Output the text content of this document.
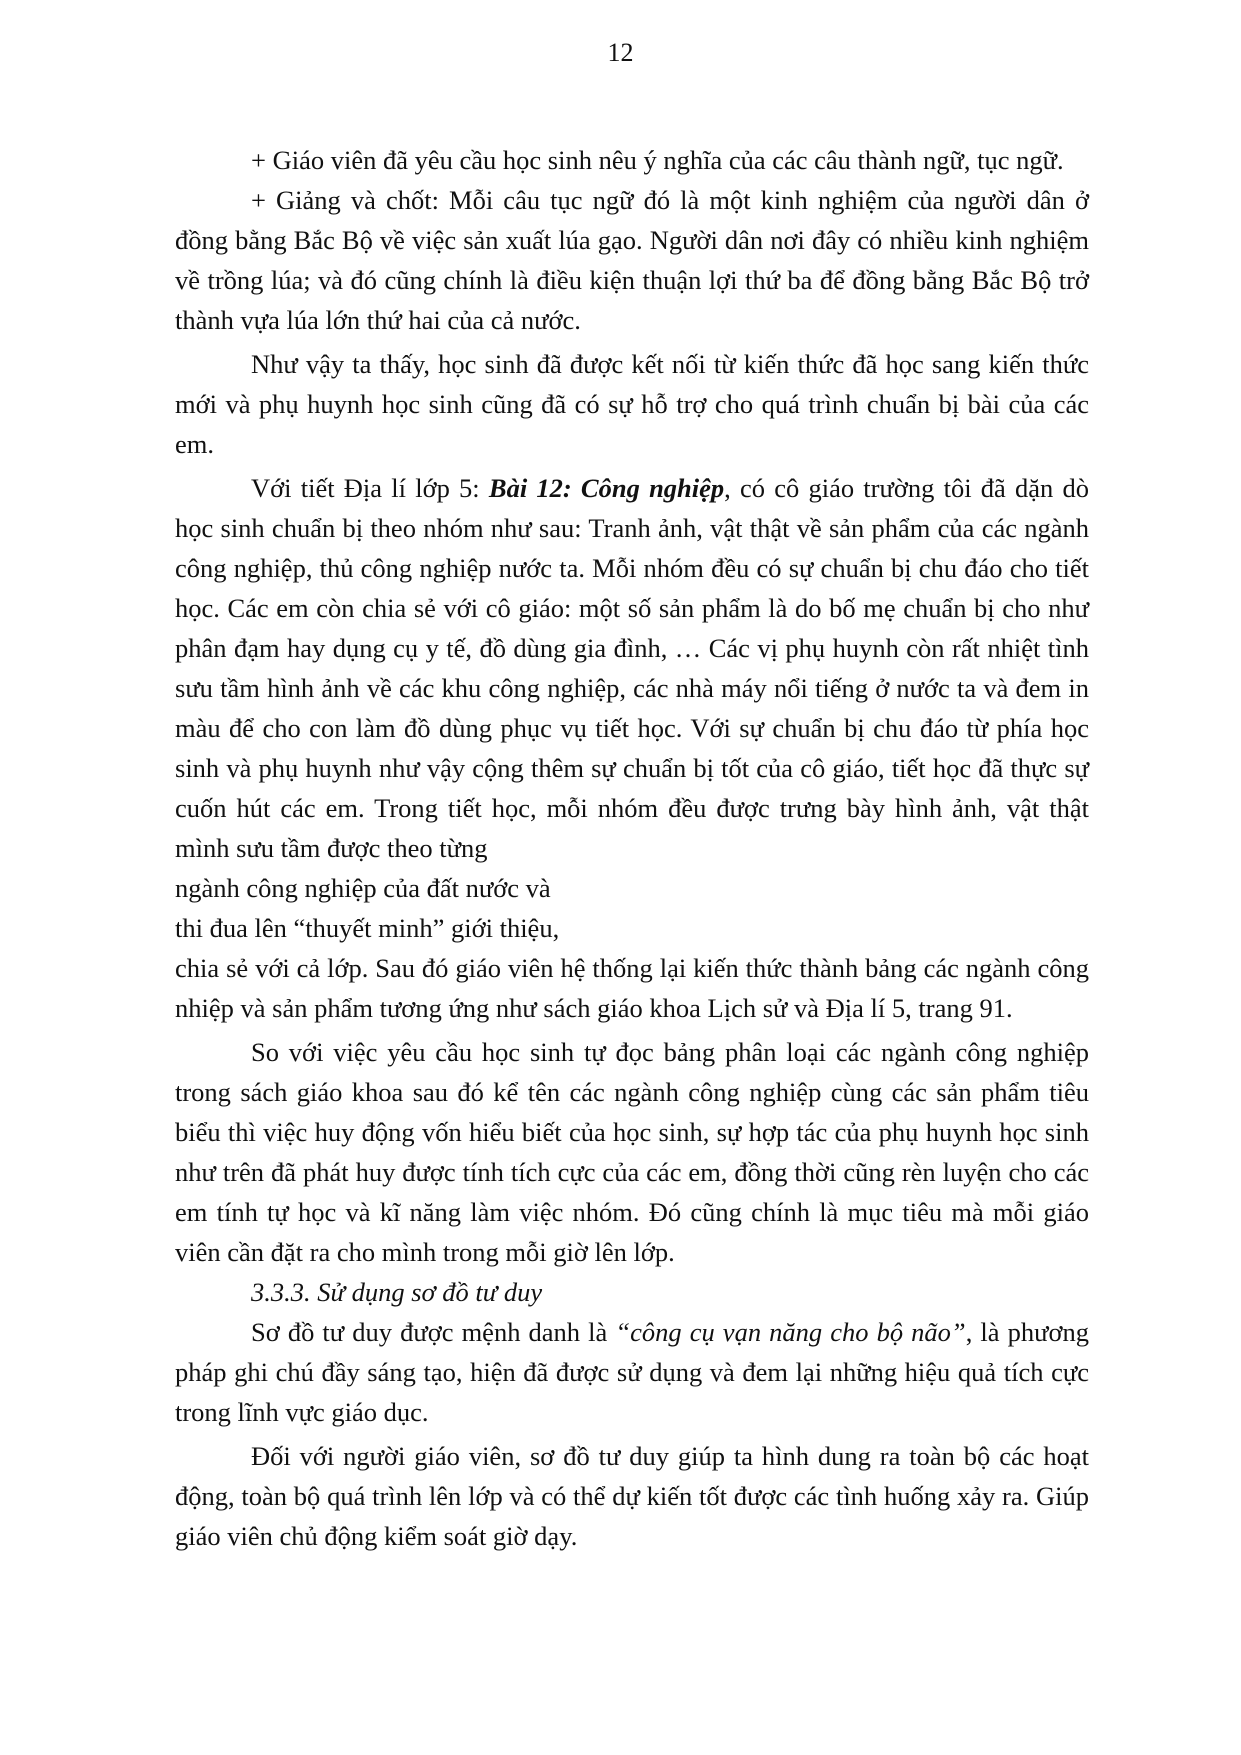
12

+ Giáo viên đã yêu cầu học sinh nêu ý nghĩa của các câu thành ngữ, tục ngữ.

+ Giảng và chốt: Mỗi câu tục ngữ đó là một kinh nghiệm của người dân ở đồng bằng Bắc Bộ về việc sản xuất lúa gạo. Người dân nơi đây có nhiều kinh nghiệm về trồng lúa; và đó cũng chính là điều kiện thuận lợi thứ ba để đồng bằng Bắc Bộ trở thành vựa lúa lớn thứ hai của cả nước.

Như vậy ta thấy, học sinh đã được kết nối từ kiến thức đã học sang kiến thức mới và phụ huynh học sinh cũng đã có sự hỗ trợ cho quá trình chuẩn bị bài của các em.

Với tiết Địa lí lớp 5: Bài 12: Công nghiệp, có cô giáo trường tôi đã dặn dò học sinh chuẩn bị theo nhóm như sau: Tranh ảnh, vật thật về sản phẩm của các ngành công nghiệp, thủ công nghiệp nước ta. Mỗi nhóm đều có sự chuẩn bị chu đáo cho tiết học. Các em còn chia sẻ với cô giáo: một số sản phẩm là do bố mẹ chuẩn bị cho như phân đạm hay dụng cụ y tế, đồ dùng gia đình, … Các vị phụ huynh còn rất nhiệt tình sưu tầm hình ảnh về các khu công nghiệp, các nhà máy nổi tiếng ở nước ta và đem in màu để cho con làm đồ dùng phục vụ tiết học. Với sự chuẩn bị chu đáo từ phía học sinh và phụ huynh như vậy cộng thêm sự chuẩn bị tốt của cô giáo, tiết học đã thực sự cuốn hút các em. Trong tiết học, mỗi nhóm đều được trưng bày hình ảnh, vật thật mình sưu tầm được theo từng

ngành công nghiệp của đất nước và

thi đua lên “thuyết minh” giới thiệu,

chia sẻ với cả lớp. Sau đó giáo viên hệ thống lại kiến thức thành bảng các ngành công nhiệp và sản phẩm tương ứng như sách giáo khoa Lịch sử và Địa lí 5, trang 91.

So với việc yêu cầu học sinh tự đọc bảng phân loại các ngành công nghiệp trong sách giáo khoa sau đó kể tên các ngành công nghiệp cùng các sản phẩm tiêu biểu thì việc huy động vốn hiểu biết của học sinh, sự hợp tác của phụ huynh học sinh như trên đã phát huy được tính tích cực của các em, đồng thời cũng rèn luyện cho các em tính tự học và kĩ năng làm việc nhóm. Đó cũng chính là mục tiêu mà mỗi giáo viên cần đặt ra cho mình trong mỗi giờ lên lớp.

3.3.3. Sử dụng sơ đồ tư duy

Sơ đồ tư duy được mệnh danh là “công cụ vạn năng cho bộ não”, là phương pháp ghi chú đầy sáng tạo, hiện đã được sử dụng và đem lại những hiệu quả tích cực trong lĩnh vực giáo dục.

Đối với người giáo viên, sơ đồ tư duy giúp ta hình dung ra toàn bộ các hoạt động, toàn bộ quá trình lên lớp và có thể dự kiến tốt được các tình huống xảy ra. Giúp giáo viên chủ động kiểm soát giờ dạy.
